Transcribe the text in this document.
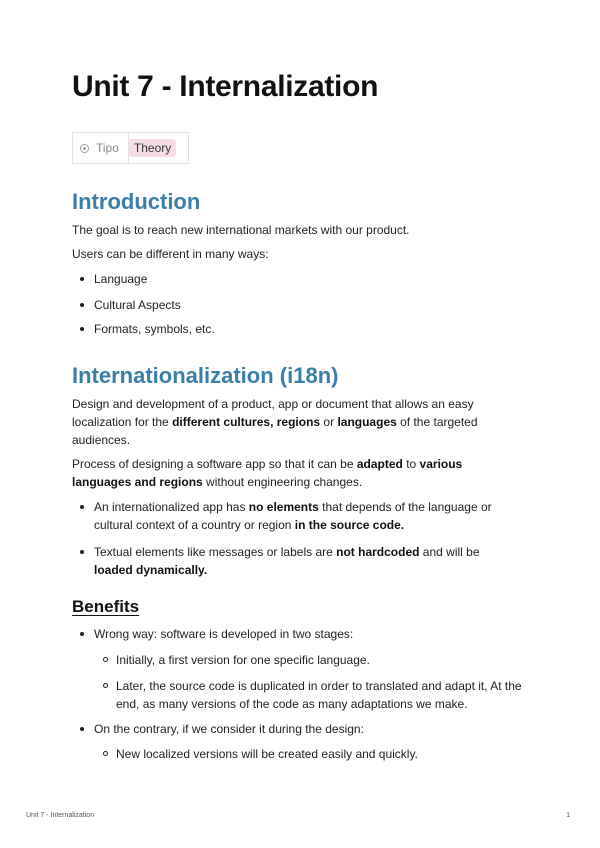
Unit 7 - Internalization
Tipo	Theory
Introduction

The goal is to reach new international markets with our product.

Users can be different in many ways:

Language
Cultural Aspects
Formats, symbols, etc.
Internationalization (i18n)

Design and development of a product, app or document that allows an easy localization for the different cultures, regions or languages of the targeted audiences.

Process of designing a software app so that it can be adapted to various languages and regions without engineering changes.

An internationalized app has no elements that depends of the language or cultural context of a country or region in the source code.
Textual elements like messages or labels are not hardcoded and will be loaded dynamically.
Benefits
Wrong way: software is developed in two stages:
Initially, a first version for one specific language.
Later, the source code is duplicated in order to translated and adapt it, At the end, as many versions of the code as many adaptations we make.
On the contrary, if we consider it during the design:
New localized versions will be created easily and quickly.
Unit 7 - Internalization	1
